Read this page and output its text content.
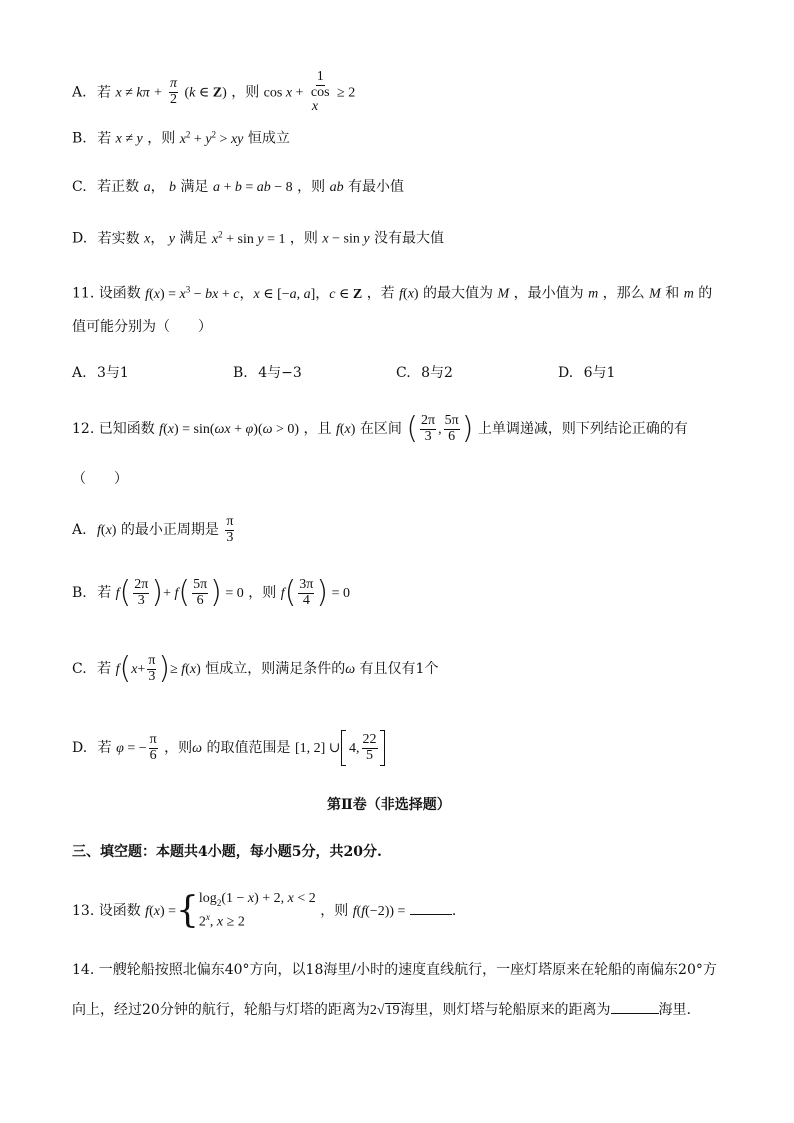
A. 若 $x \ne k\pi + \frac{\pi}{2} (k$ ∈ Z) ，则 cos x + 1
cos
x ≥ 2
B. 若 x ≠ y ，则 $x^2 + y^2$ > xy 恒成立
C. 若正数 a， b 满足 a + b = ab − 8 ，则 ab 有最小值
D. 若实数 x， y 满足 $x^2 + \sin y = 1$ ，则 x − sin y 没有最大值
11. 设函数 $f(x) = x^3$ − bx + c，x ∈ [−a, a]，c ∈ Z ，若 f(x) 的最大值为 M ，最小值为 m ，那么 M 和 m 的
值可能分别为（　　）
A. 3与1	B. 4与−3	C. 8与2	D. 6与1
12. 已知函数 f(x) = sin(ωx + φ)(ω > 0) ，且 f(x) 在区间 ( $\frac{2\pi}{3}$ , $\frac{5\pi}{6}$ ) 上单调递减，则下列结论正确的有
（　　）
A. f(x) 的最小正周期是 $\frac{\pi}{3}$
B. 若 $f( \frac{2\pi}{3}$ )+ $f( \frac{5\pi}{6}$ ) = 0 ，则 $f( \frac{3\pi}{4}$ ) = 0
C. 若 $f(x+ \frac{\pi}{3}$ )≥ f(x) 恒成立，则满足条件的ω 有且仅有1个
D. 若 φ = − $\frac{\pi}{6}$ ，则ω 的取值范围是 [1, 2] ∪ 4, $\frac{22}{5}$
第Ⅱ卷（非选择题）
三、填空题：本题共4小题，每小题5分，共20分.
13. 设函数 f(x) ={ $\log_2(1 - x) + 2$, x < 2
2$^x$, x ≥ 2
，则 f(f(−2)) =	.
14. 一艘轮船按照北偏东40°方向，以18海里/小时的速度直线航行，一座灯塔原来在轮船的南偏东20°方
向上，经过20分钟的航行，轮船与灯塔的距离为2√19海里，则灯塔与轮船原来的距离为	海里.
